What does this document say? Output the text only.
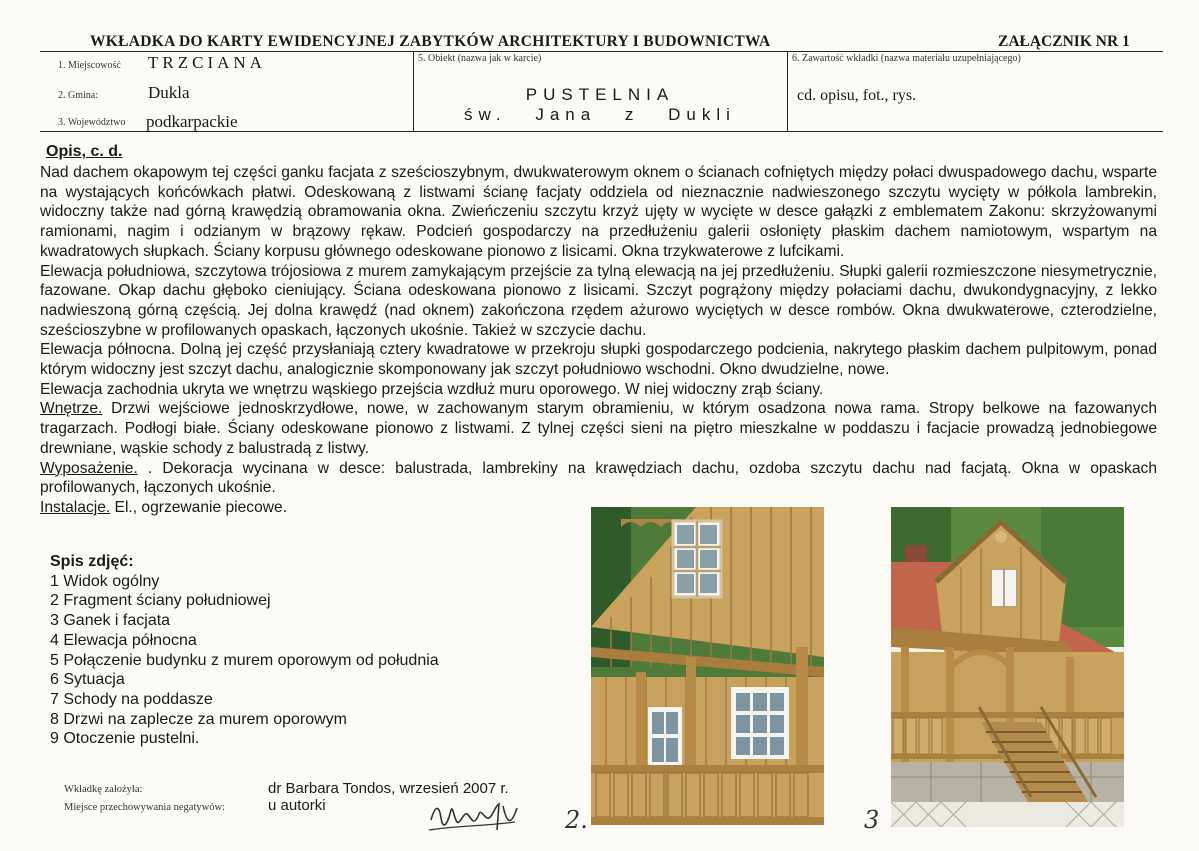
WKŁADKA DO KARTY EWIDENCYJNEJ ZABYTKÓW ARCHITEKTURY I BUDOWNICTWA	ZAŁĄCZNIK NR 1
1. Miejscowość TRZCIANA
2. Gmina:	Dukla
3. Województwo podkarpackie
5. Obiekt (nazwa jak w karcie)
PUSTELNIA
św. Jana z Dukli
6. Zawartość wkładki (nazwa materiału uzupełniającego)
cd. opisu, fot., rys.
Opis, c. d.

Nad dachem okapowym tej części ganku facjata z sześcioszybnym, dwukwaterowym oknem o ścianach cofniętych między połaci dwuspadowego dachu, wsparte na wystających końcówkach płatwi. Odeskowaną z listwami ścianę facjaty oddziela od nieznacznie nadwieszonego szczytu wycięty w półkola lambrekin, widoczny także nad górną krawędzią obramowania okna. Zwieńczeniu szczytu krzyż ujęty w wycięte w desce gałązki z emblematem Zakonu: skrzyżowanymi ramionami, nagim i odzianym w brązowy rękaw. Podcień gospodarczy na przedłużeniu galerii osłonięty płaskim dachem namiotowym, wspartym na kwadratowych słupkach. Ściany korpusu głównego odeskowane pionowo z lisicami. Okna trzykwaterowe z lufcikami.

Elewacja południowa, szczytowa trójosiowa z murem zamykającym przejście za tylną elewacją na jej przedłużeniu. Słupki galerii rozmieszczone niesymetrycznie, fazowane. Okap dachu głęboko cieniujący. Ściana odeskowana pionowo z lisicami. Szczyt pogrążony między połaciami dachu, dwukondygnacyjny, z lekko nadwieszoną górną częścią. Jej dolna krawędź (nad oknem) zakończona rzędem ażurowo wyciętych w desce rombów. Okna dwukwaterowe, czterodzielne, sześcioszybne w profilowanych opaskach, łączonych ukośnie. Takież w szczycie dachu.

Elewacja północna. Dolną jej część przysłaniają cztery kwadratowe w przekroju słupki gospodarczego podcienia, nakrytego płaskim dachem pulpitowym, ponad którym widoczny jest szczyt dachu, analogicznie skomponowany jak szczyt południowo wschodni. Okno dwudzielne, nowe.

Elewacja zachodnia ukryta we wnętrzu wąskiego przejścia wzdłuż muru oporowego. W niej widoczny zrąb ściany.

Wnętrze. Drzwi wejściowe jednoskrzydłowe, nowe, w zachowanym starym obramieniu, w którym osadzona nowa rama. Stropy belkowe na fazowanych tragarzach. Podłogi białe. Ściany odeskowane pionowo z listwami. Z tylnej części sieni na piętro mieszkalne w poddaszu i facjacie prowadzą jednobiegowe drewniane, wąskie schody z balustradą z listwy.

Wyposażenie. . Dekoracja wycinana w desce: balustrada, lambrekiny na krawędziach dachu, ozdoba szczytu dachu nad facjatą. Okna w opaskach profilowanych, łączonych ukośnie.

Instalacje. El., ogrzewanie piecowe.

Spis zdjęć:
1 Widok ogólny
2 Fragment ściany południowej
3 Ganek i facjata
4 Elewacja północna
5 Połączenie budynku z murem oporowym od południa
6 Sytuacja
7 Schody na poddasze
8 Drzwi na zaplecze za murem oporowym
9 Otoczenie pustelni.
Wkładkę założyła:	dr Barbara Tondos, wrzesień 2007 r.
Miejsce przechowywania negatywów:	u autorki
2.	3
